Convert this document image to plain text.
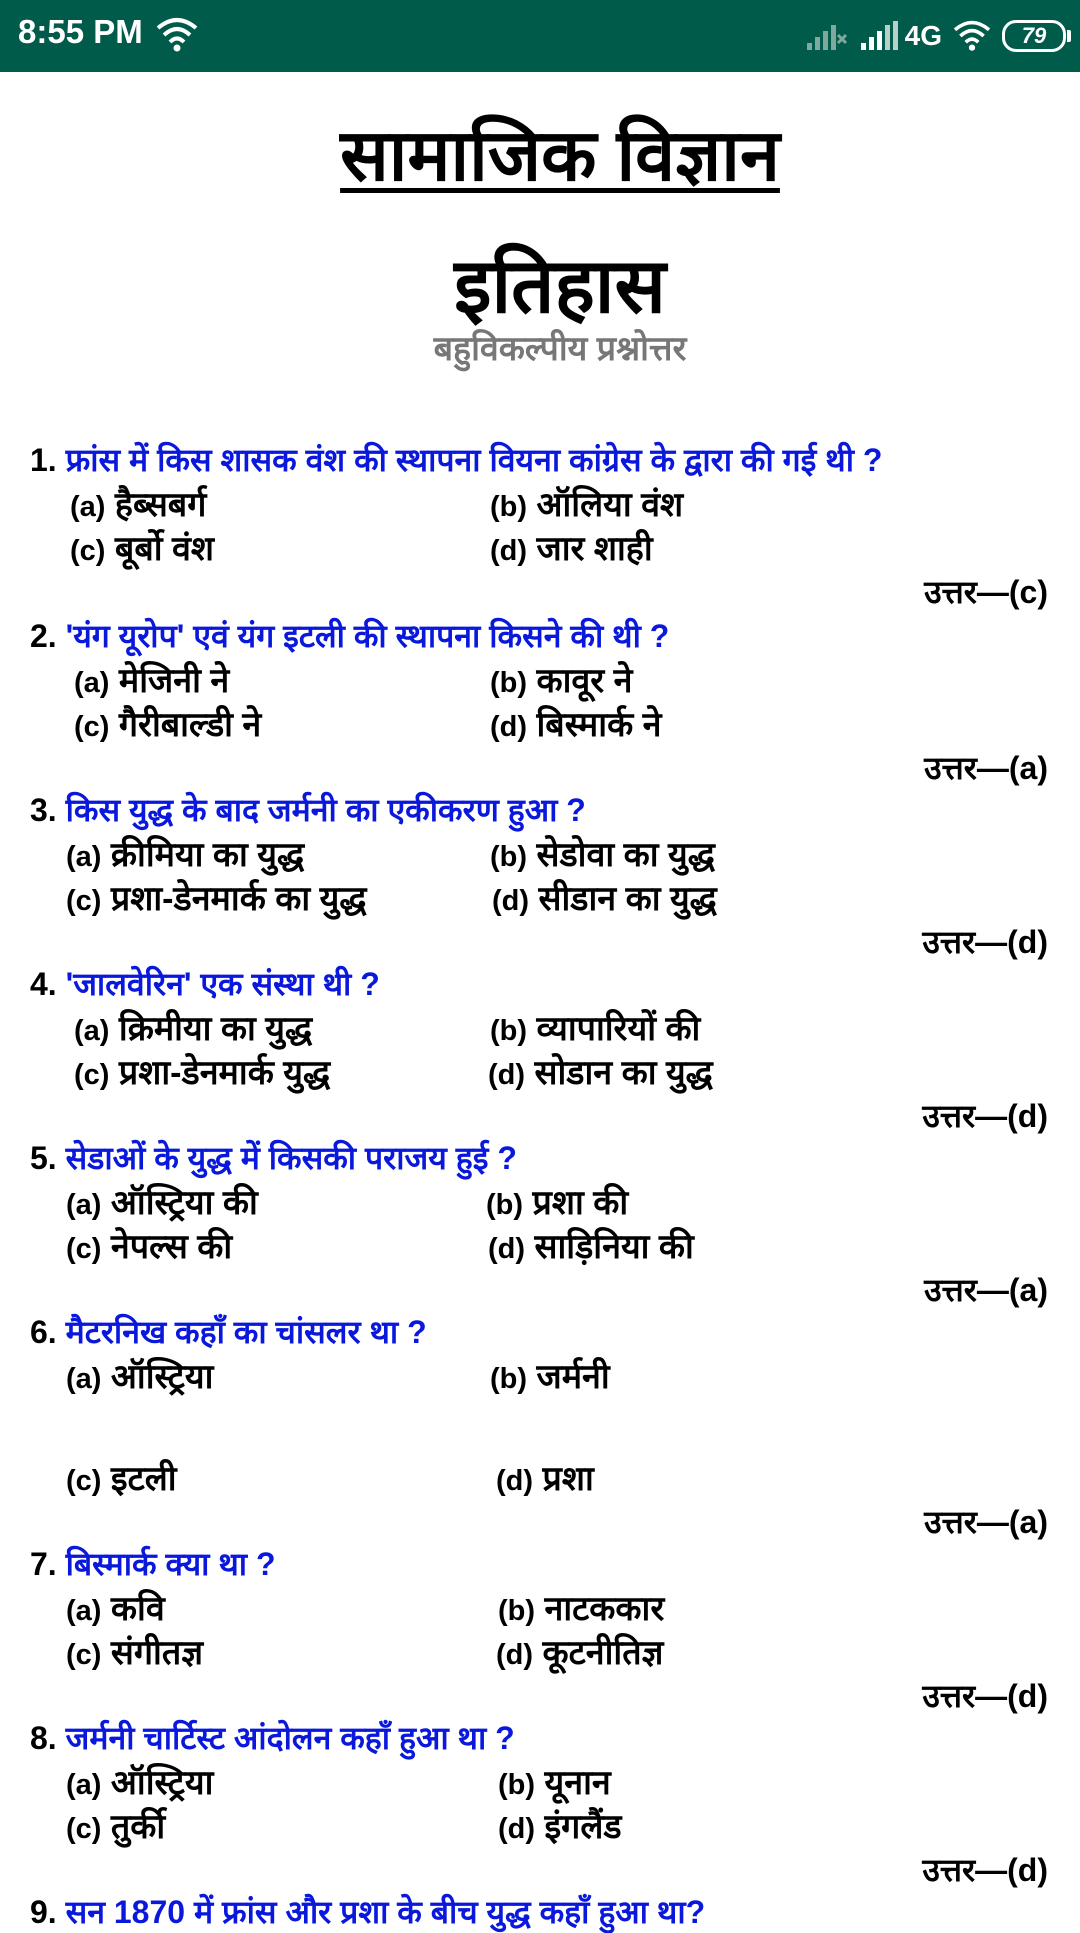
8:55 PM	4G	79
सामाजिक विज्ञान
इतिहास
बहुविकल्पीय प्रश्नोत्तर
1. फ्रांस में किस शासक वंश की स्थापना वियना कांग्रेस के द्वारा की गई थी ?
(a) हैब्सबर्ग	(b) ऑलिया वंश
(c) बूर्बो वंश	(d) जार शाही
उत्तर—(c)
2. 'यंग यूरोप' एवं यंग इटली की स्थापना किसने की थी ?
(a) मेजिनी ने	(b) कावूर ने
(c) गैरीबाल्डी ने	(d) बिस्मार्क ने
उत्तर—(a)
3. किस युद्ध के बाद जर्मनी का एकीकरण हुआ ?
(a) क्रीमिया का युद्ध	(b) सेडोवा का युद्ध
(c) प्रशा-डेनमार्क का युद्ध	(d) सीडान का युद्ध
उत्तर—(d)
4. 'जालवेरिन' एक संस्था थी ?
(a) क्रिमीया का युद्ध	(b) व्यापारियों की
(c) प्रशा-डेनमार्क युद्ध	(d) सोडान का युद्ध
उत्तर—(d)
5. सेडाओं के युद्ध में किसकी पराजय हुई ?
(a) ऑस्ट्रिया की	(b) प्रशा की
(c) नेपल्स की	(d) साड़िनिया की
उत्तर—(a)
6. मैटरनिख कहाँ का चांसलर था ?
(a) ऑस्ट्रिया	(b) जर्मनी
(c) इटली	(d) प्रशा
उत्तर—(a)
7. बिस्मार्क क्या था ?
(a) कवि	(b) नाटककार
(c) संगीतज्ञ	(d) कूटनीतिज्ञ
उत्तर—(d)
8. जर्मनी चार्टिस्ट आंदोलन कहाँ हुआ था ?
(a) ऑस्ट्रिया	(b) यूनान
(c) तुर्की	(d) इंगलैंड
उत्तर—(d)
9. सन 1870 में फ्रांस और प्रशा के बीच युद्ध कहाँ हुआ था?
